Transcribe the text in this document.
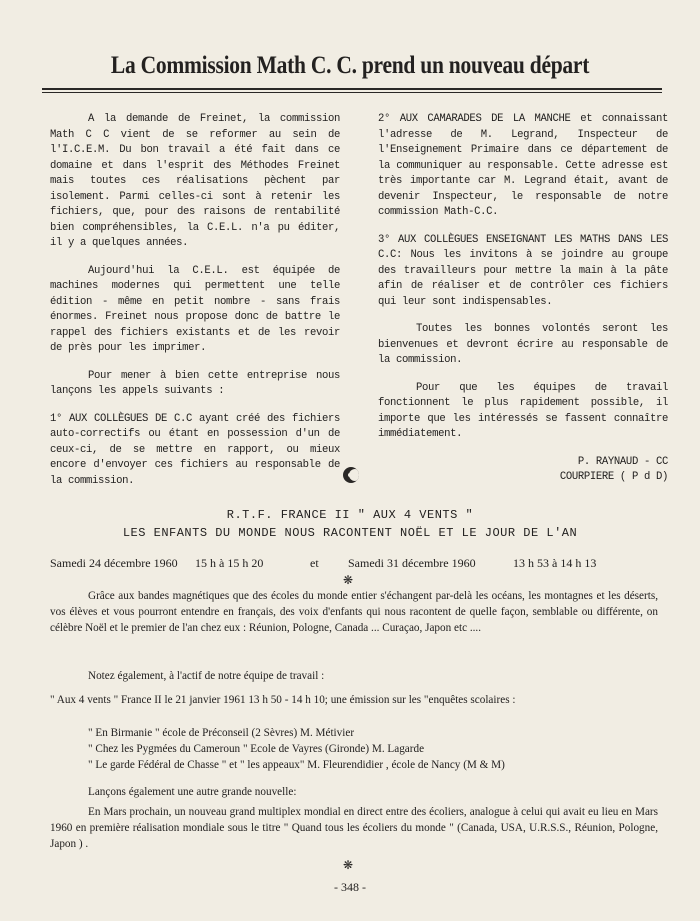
La Commission Math C. C. prend un nouveau départ

A la demande de Freinet, la commission Math C C vient de se reformer au sein de l'I.C.E.M. Du bon travail a été fait dans ce domaine et dans l'esprit des Méthodes Freinet mais toutes ces réalisations pèchent par isolement. Parmi celles-ci sont à retenir les fichiers, que, pour des raisons de rentabilité bien compréhensibles, la C.E.L. n'a pu éditer, il y a quelques années.

Aujourd'hui la C.E.L. est équipée de machines modernes qui permettent une telle édition - même en petit nombre - sans frais énormes. Freinet nous propose donc de battre le rappel des fichiers existants et de les revoir de près pour les imprimer.

Pour mener à bien cette entreprise nous lançons les appels suivants :

1° AUX COLLÈGUES DE C.C ayant créé des fichiers auto-correctifs ou étant en possession d'un de ceux-ci, de se mettre en rapport, ou mieux encore d'envoyer ces fichiers au responsable de la commission.

2° AUX CAMARADES DE LA MANCHE et connaissant l'adresse de M. Legrand, Inspecteur de l'Enseignement Primaire dans ce département de la communiquer au responsable. Cette adresse est très importante car M. Legrand était, avant de devenir Inspecteur, le responsable de notre commission Math-C.C.

3° AUX COLLÈGUES ENSEIGNANT LES MATHS DANS LES C.C: Nous les invitons à se joindre au groupe des travailleurs pour mettre la main à la pâte afin de réaliser et de contrôler ces fichiers qui leur sont indispensables.

Toutes les bonnes volontés seront les bienvenues et devront écrire au responsable de la commission.

Pour que les équipes de travail fonctionnent le plus rapidement possible, il importe que les intéressés se fassent connaître immédiatement.

P. RAYNAUD - CC

COURPIERE ( P d D)

R.T.F. FRANCE II " AUX 4 VENTS "
LES ENFANTS DU MONDE NOUS RACONTENT NOËL ET LE JOUR DE L'AN
Samedi 24 décembre 1960 15 h à 15 h 20	et Samedi 31 décembre 1960	13 h 53 à 14 h 13
❋

Grâce aux bandes magnétiques que des écoles du monde entier s'échangent par-delà les océans, les montagnes et les déserts, vos élèves et vous pourront entendre en français, des voix d'enfants qui nous racontent de quelle façon, semblable ou différente, on célèbre Noël et le premier de l'an chez eux : Réunion, Pologne, Canada ... Curaçao, Japon etc ....

Notez également, à l'actif de notre équipe de travail :

" Aux 4 vents " France II le 21 janvier 1961 13 h 50 - 14 h 10; une émission sur les "enquêtes scolaires :

" En Birmanie " école de Préconseil (2 Sèvres) M. Métivier
" Chez les Pygmées du Cameroun " Ecole de Vayres (Gironde) M. Lagarde
" Le garde Fédéral de Chasse " et " les appeaux" M. Fleurendidier , école de Nancy (M & M)

Lançons également une autre grande nouvelle:

En Mars prochain, un nouveau grand multiplex mondial en direct entre des écoliers, analogue à celui qui avait eu lieu en Mars 1960 en première réalisation mondiale sous le titre " Quand tous les écoliers du monde " (Canada, USA, U.R.S.S., Réunion, Pologne, Japon ) .

❋
- 348 -
